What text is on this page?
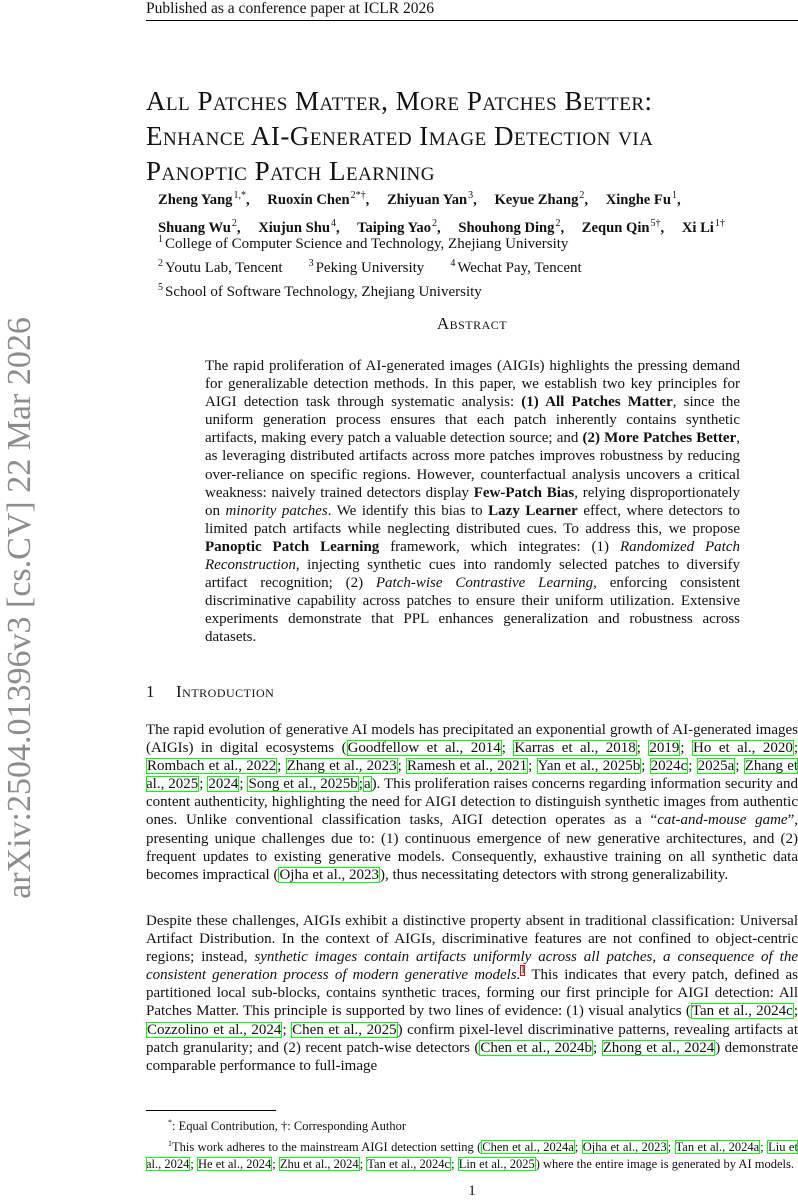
Published as a conference paper at ICLR 2026
arXiv:2504.01396v3 [cs.CV] 22 Mar 2026
All Patches Matter, More Patches Better:
Enhance AI-Generated Image Detection via
Panoptic Patch Learning
Zheng Yang$^{1,*}$, Ruoxin Chen$^{2*\dagger}$, Zhiyuan Yan$^3$, Keyue Zhang$^2$, Xinghe Fu$^1$,
Shuang Wu$^2$, Xiujun Shu$^4$, Taiping Yao$^2$, Shouhong Ding$^2$, Zequn Qin$^{5\dagger}$, Xi $Li^{1\dagger}$
$^1$ College of Computer Science and Technology, Zhejiang University
$^2$ Youtu Lab, Tencent	$^3$ Peking University	$^4$ Wechat Pay, Tencent
$^5$ School of Software Technology, Zhejiang University
Abstract
The rapid proliferation of AI-generated images (AIGIs) highlights the pressing demand for generalizable detection methods. In this paper, we establish two key principles for AIGI detection task through systematic analysis: (1) All Patches Matter, since the uniform generation process ensures that each patch inherently contains synthetic artifacts, making every patch a valuable detection source; and (2) More Patches Better, as leveraging distributed artifacts across more patches improves robustness by reducing over-reliance on specific regions. However, counterfactual analysis uncovers a critical weakness: naively trained detectors display Few-Patch Bias, relying disproportionately on minority patches. We identify this bias to Lazy Learner effect, where detectors to limited patch artifacts while neglecting distributed cues. To address this, we propose Panoptic Patch Learning framework, which integrates: (1) Randomized Patch Reconstruction, injecting synthetic cues into randomly selected patches to diversify artifact recognition; (2) Patch-wise Contrastive Learning, enforcing consistent discriminative capability across patches to ensure their uniform utilization. Extensive experiments demonstrate that PPL enhances generalization and robustness across datasets.
1 Introduction
The rapid evolution of generative AI models has precipitated an exponential growth of AI-generated images (AIGIs) in digital ecosystems (Goodfellow et al., 2014; Karras et al., 2018; 2019; Ho et al., 2020; Rombach et al., 2022; Zhang et al., 2023; Ramesh et al., 2021; Yan et al., 2025b; 2024c; 2025a; Zhang et al., 2025; 2024; Song et al., 2025b;a). This proliferation raises concerns regarding information security and content authenticity, highlighting the need for AIGI detection to distinguish synthetic images from authentic ones. Unlike conventional classification tasks, AIGI detection operates as a “cat-and-mouse game”, presenting unique challenges due to: (1) continuous emergence of new generative architectures, and (2) frequent updates to existing generative models. Consequently, exhaustive training on all synthetic data becomes impractical (Ojha et al., 2023), thus necessitating detectors with strong generalizability.
Despite these challenges, AIGIs exhibit a distinctive property absent in traditional classification: Universal Artifact Distribution. In the context of AIGIs, discriminative features are not confined to object-centric regions; instead, synthetic images contain artifacts uniformly across all patches, a consequence of the consistent generation process of modern generative models.$^1$ This indicates that every patch, defined as partitioned local sub-blocks, contains synthetic traces, forming our first principle for AIGI detection: All Patches Matter. This principle is supported by two lines of evidence: (1) visual analytics (Tan et al., 2024c; Cozzolino et al., 2024; Chen et al., 2025) confirm pixel-level discriminative patterns, revealing artifacts at patch granularity; and (2) recent patch-wise detectors (Chen et al., 2024b; Zhong et al., 2024) demonstrate comparable performance to full-image
*: Equal Contribution, †: Corresponding Author
$^1$This work adheres to the mainstream AIGI detection setting (Chen et al., 2024a; Ojha et al., 2023; Tan et al., 2024a; Liu et al., 2024; He et al., 2024; Zhu et al., 2024; Tan et al., 2024c; Lin et al., 2025) where the entire image is generated by AI models.
1
